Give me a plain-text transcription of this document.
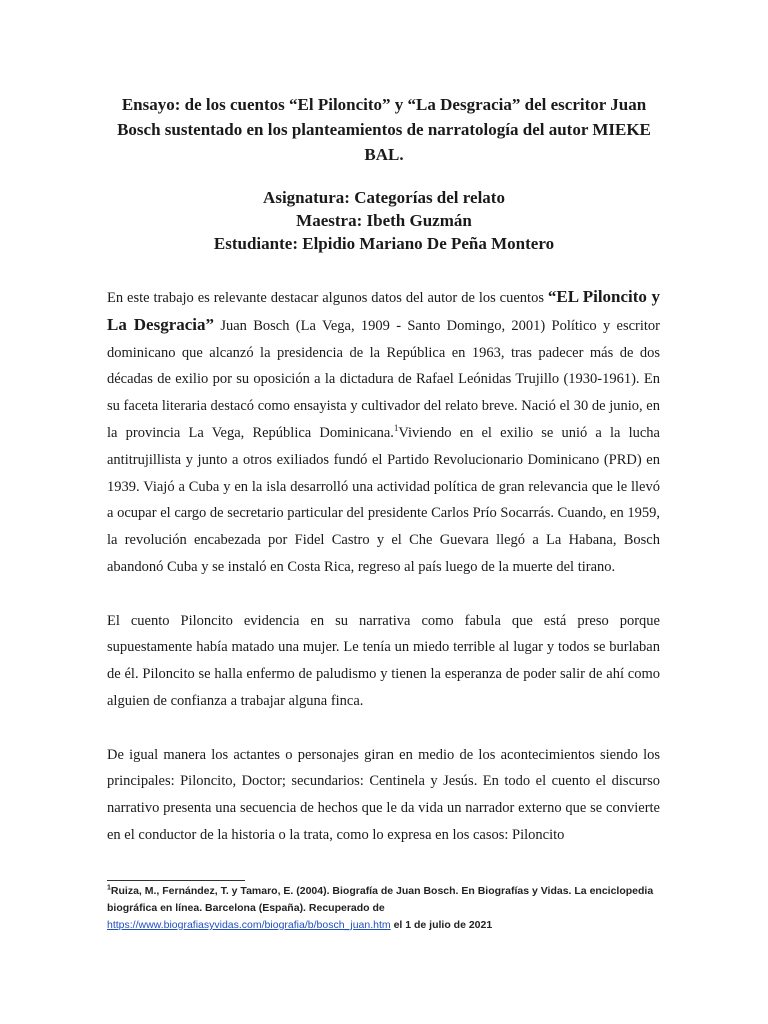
Ensayo: de los cuentos “El Piloncito” y “La Desgracia” del escritor Juan Bosch sustentado en los planteamientos de narratología del autor MIEKE BAL.
Asignatura: Categorías del relato
Maestra: Ibeth Guzmán
Estudiante: Elpidio Mariano De Peña Montero

En este trabajo es relevante destacar algunos datos del autor de los cuentos “EL Piloncito y La Desgracia” Juan Bosch (La Vega, 1909 - Santo Domingo, 2001) Político y escritor dominicano que alcanzó la presidencia de la República en 1963, tras padecer más de dos décadas de exilio por su oposición a la dictadura de Rafael Leónidas Trujillo (1930-1961). En su faceta literaria destacó como ensayista y cultivador del relato breve. Nació el 30 de junio, en la provincia La Vega, República Dominicana.$^1$Viviendo en el exilio se unió a la lucha antitrujillista y junto a otros exiliados fundó el Partido Revolucionario Dominicano (PRD) en 1939. Viajó a Cuba y en la isla desarrolló una actividad política de gran relevancia que le llevó a ocupar el cargo de secretario particular del presidente Carlos Prío Socarrás. Cuando, en 1959, la revolución encabezada por Fidel Castro y el Che Guevara llegó a La Habana, Bosch abandonó Cuba y se instaló en Costa Rica, regreso al país luego de la muerte del tirano.

El cuento Piloncito evidencia en su narrativa como fabula que está preso porque supuestamente había matado una mujer. Le tenía un miedo terrible al lugar y todos se burlaban de él. Piloncito se halla enfermo de paludismo y tienen la esperanza de poder salir de ahí como alguien de confianza a trabajar alguna finca.

De igual manera los actantes o personajes giran en medio de los acontecimientos siendo los principales: Piloncito, Doctor; secundarios: Centinela y Jesús. En todo el cuento el discurso narrativo presenta una secuencia de hechos que le da vida un narrador externo que se convierte en el conductor de la historia o la trata, como lo expresa en los casos: Piloncito

$^1$Ruiza, M., Fernández, T. y Tamaro, E. (2004). Biografía de Juan Bosch. En Biografías y Vidas. La enciclopedia biográfica en línea. Barcelona (España). Recuperado de https://www.biografiasyvidas.com/biografia/b/bosch_juan.htm el 1 de julio de 2021
